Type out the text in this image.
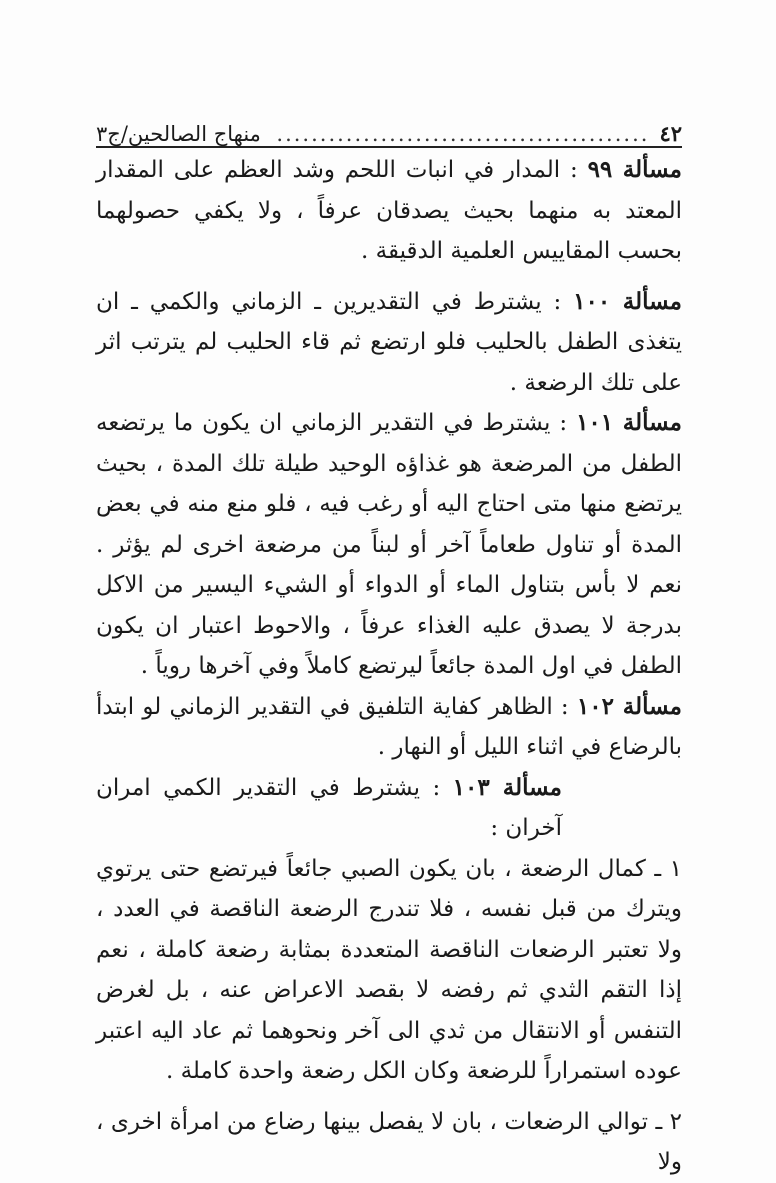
٤٢
...........................................
منهاج الصالحين/ج٣

مسألة ٩٩ : المدار في انبات اللحم وشد العظم على المقدار المعتد به منهما بحيث يصدقان عرفاً ، ولا يكفي حصولهما بحسب المقاييس العلمية الدقيقة .

مسألة ١٠٠ : يشترط في التقديرين ـ الزماني والكمي ـ ان يتغذى الطفل بالحليب فلو ارتضع ثم قاء الحليب لم يترتب اثر على تلك الرضعة .

مسألة ١٠١ : يشترط في التقدير الزماني ان يكون ما يرتضعه الطفل من المرضعة هو غذاؤه الوحيد طيلة تلك المدة ، بحيث يرتضع منها متى احتاج اليه أو رغب فيه ، فلو منع منه في بعض المدة أو تناول طعاماً آخر أو لبناً من مرضعة اخرى لم يؤثر . نعم لا بأس بتناول الماء أو الدواء أو الشيء اليسير من الاكل بدرجة لا يصدق عليه الغذاء عرفاً ، والاحوط اعتبار ان يكون الطفل في اول المدة جائعاً ليرتضع كاملاً وفي آخرها روياً .

مسألة ١٠٢ : الظاهر كفاية التلفيق في التقدير الزماني لو ابتدأ بالرضاع في اثناء الليل أو النهار .

مسألة ١٠٣ : يشترط في التقدير الكمي امران آخران :

١ ـ كمال الرضعة ، بان يكون الصبي جائعاً فيرتضع حتى يرتوي ويترك من قبل نفسه ، فلا تندرج الرضعة الناقصة في العدد ، ولا تعتبر الرضعات الناقصة المتعددة بمثابة رضعة كاملة ، نعم إذا التقم الثدي ثم رفضه لا بقصد الاعراض عنه ، بل لغرض التنفس أو الانتقال من ثدي الى آخر ونحوهما ثم عاد اليه اعتبر عوده استمراراً للرضعة وكان الكل رضعة واحدة كاملة .

٢ ـ توالي الرضعات ، بان لا يفصل بينها رضاع من امرأة اخرى ، ولا
